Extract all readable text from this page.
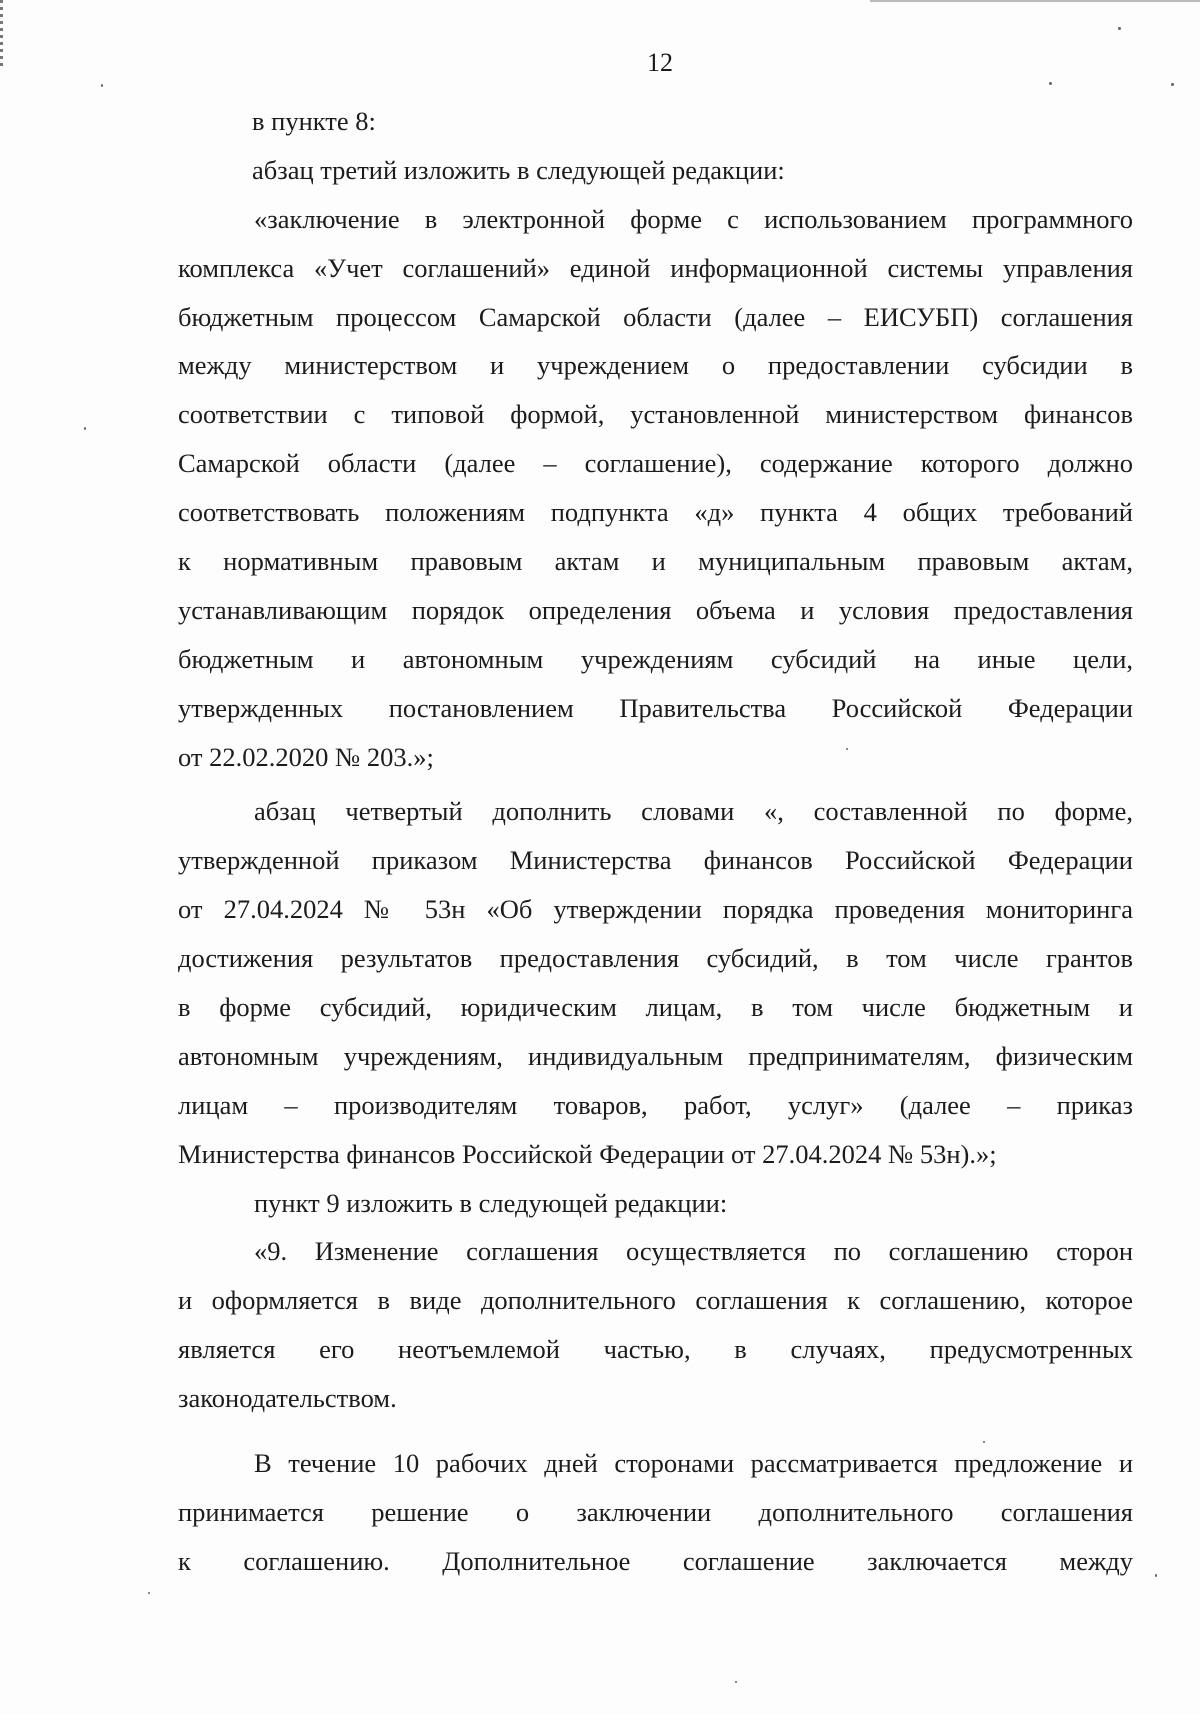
12
в пункте 8:
абзац третий изложить в следующей редакции:
«заключение в электронной форме с использованием программного
комплекса «Учет соглашений» единой информационной системы управления
бюджетным процессом Самарской области (далее – ЕИСУБП) соглашения
между министерством и учреждением о предоставлении субсидии в
соответствии с типовой формой, установленной министерством финансов
Самарской области (далее – соглашение), содержание которого должно
соответствовать положениям подпункта «д» пункта 4 общих требований
к нормативным правовым актам и муниципальным правовым актам,
устанавливающим порядок определения объема и условия предоставления
бюджетным и автономным учреждениям субсидий на иные цели,
утвержденных постановлением Правительства Российской Федерации
от 22.02.2020 № 203.»;
абзац четвертый дополнить словами «, составленной по форме,
утвержденной приказом Министерства финансов Российской Федерации
от 27.04.2024 № 53н «Об утверждении порядка проведения мониторинга
достижения результатов предоставления субсидий, в том числе грантов
в форме субсидий, юридическим лицам, в том числе бюджетным и
автономным учреждениям, индивидуальным предпринимателям, физическим
лицам – производителям товаров, работ, услуг» (далее – приказ
Министерства финансов Российской Федерации от 27.04.2024 № 53н).»;
пункт 9 изложить в следующей редакции:
«9. Изменение соглашения осуществляется по соглашению сторон
и оформляется в виде дополнительного соглашения к соглашению, которое
является его неотъемлемой частью, в случаях, предусмотренных
законодательством.
В течение 10 рабочих дней сторонами рассматривается предложение и
принимается решение о заключении дополнительного соглашения
к соглашению. Дополнительное соглашение заключается между
